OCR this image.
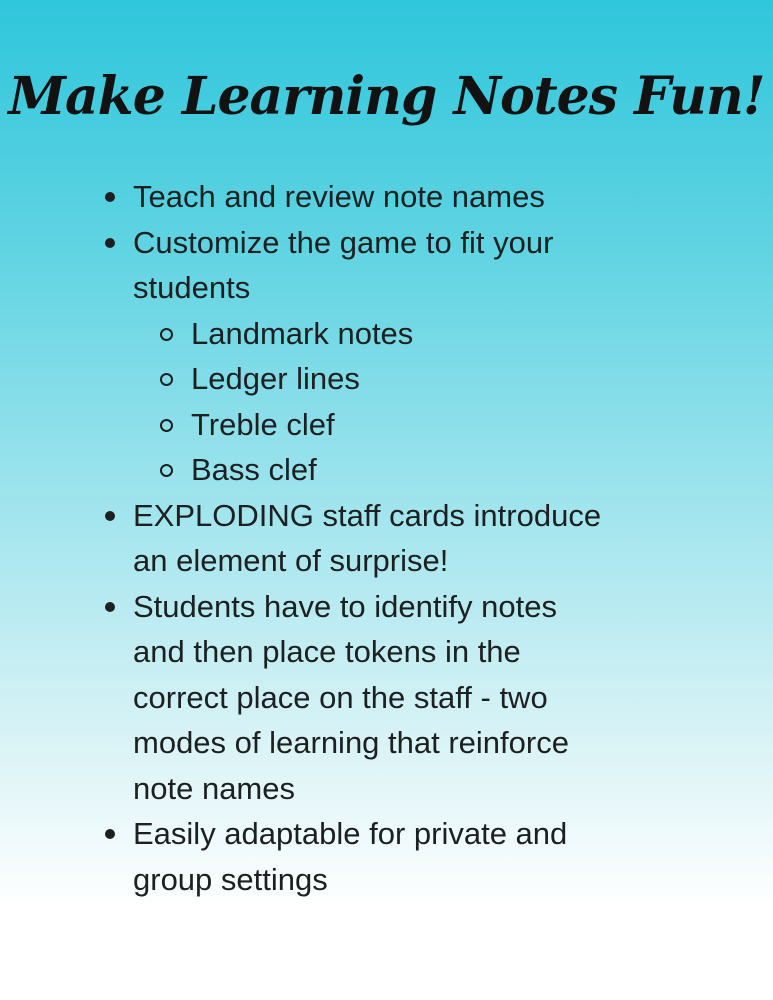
Make Learning Notes Fun!
Teach and review note names
Customize the game to fit your
students
Landmark notes
Ledger lines
Treble clef
Bass clef
EXPLODING staff cards introduce
an element of surprise!
Students have to identify notes
and then place tokens in the
correct place on the staff - two
modes of learning that reinforce
note names
Easily adaptable for private and
group settings
